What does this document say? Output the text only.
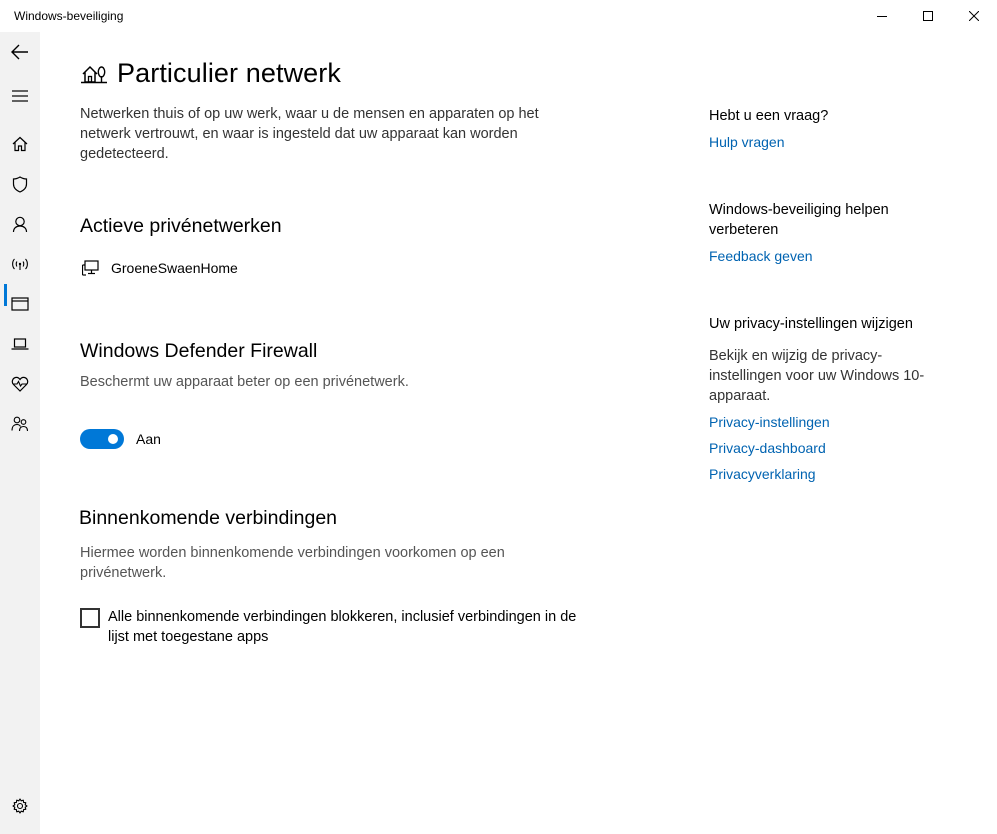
Windows-beveiliging
Particulier netwerk

Netwerken thuis of op uw werk, waar u de mensen en apparaten op het netwerk vertrouwt, en waar is ingesteld dat uw apparaat kan worden gedetecteerd.

Actieve privénetwerken
GroeneSwaenHome
Windows Defender Firewall

Beschermt uw apparaat beter op een privénetwerk.

Aan
Binnenkomende verbindingen

Hiermee worden binnenkomende verbindingen voorkomen op een privénetwerk.

Alle binnenkomende verbindingen blokkeren, inclusief verbindingen in de lijst met toegestane apps
Hebt u een vraag?
Hulp vragen
Windows-beveiliging helpen verbeteren
Feedback geven
Uw privacy-instellingen wijzigen

Bekijk en wijzig de privacy-instellingen voor uw Windows 10-apparaat.

Privacy-instellingen
Privacy-dashboard
Privacyverklaring
